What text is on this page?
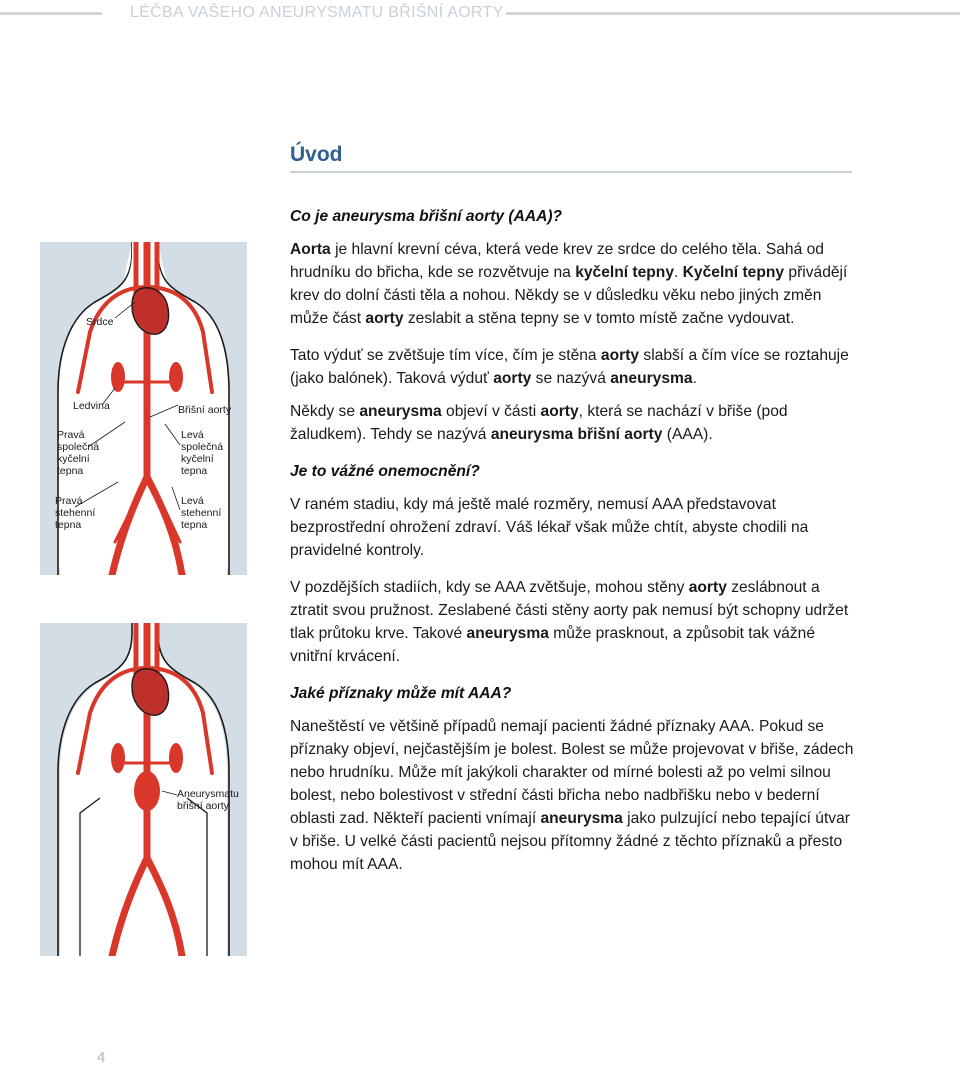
LÉČBA VAŠEHO ANEURYSMATU BŘIŠNÍ AORTY
Úvod
Co je aneurysma břišní aorty (AAA)?

Aorta je hlavní krevní céva, která vede krev ze srdce do celého těla. Sahá od hrudníku do břicha, kde se rozvětvuje na kyčelní tepny. Kyčelní tepny přivádějí krev do dolní části těla a nohou. Někdy se v důsledku věku nebo jiných změn může část aorty zeslabit a stěna tepny se v tomto místě začne vydouvat.

Tato výduť se zvětšuje tím více, čím je stěna aorty slabší a čím více se roztahuje (jako balónek). Taková výduť aorty se nazývá aneurysma.

Někdy se aneurysma objeví v části aorty, která se nachází v břiše (pod žaludkem). Tehdy se nazývá aneurysma břišní aorty (AAA).

Je to vážné onemocnění?

V raném stadiu, kdy má ještě malé rozměry, nemusí AAA představovat bezprostřední ohrožení zdraví. Váš lékař však může chtít, abyste chodili na pravidelné kontroly.

V pozdějších stadiích, kdy se AAA zvětšuje, mohou stěny aorty zeslábnout a ztratit svou pružnost. Zeslabené části stěny aorty pak nemusí být schopny udržet tlak průtoku krve. Takové aneurysma může prasknout, a způsobit tak vážné vnitřní krvácení.

Jaké příznaky může mít AAA?

Naneštěstí ve většině případů nemají pacienti žádné příznaky AAA. Pokud se příznaky objeví, nejčastějším je bolest. Bolest se může projevovat v břiše, zádech nebo hrudníku. Může mít jakýkoli charakter od mírné bolesti až po velmi silnou bolest, nebo bolestivost v střední části břicha nebo nadbřišku nebo v bederní oblasti zad. Někteří pacienti vnímají aneurysma jako pulzující nebo tepající útvar v břiše. U velké části pacientů nejsou přítomny žádné z těchto příznaků a přesto mohou mít AAA.

Srdce
Ledvina	Břišní aorty
Pravá
společná
kyčelní
tepna
Levá
společná
kyčelní
tepna
Pravá
stehenní
tepna
Levá
stehenní
tepna
Aneurysmatu
břišní aorty
4
